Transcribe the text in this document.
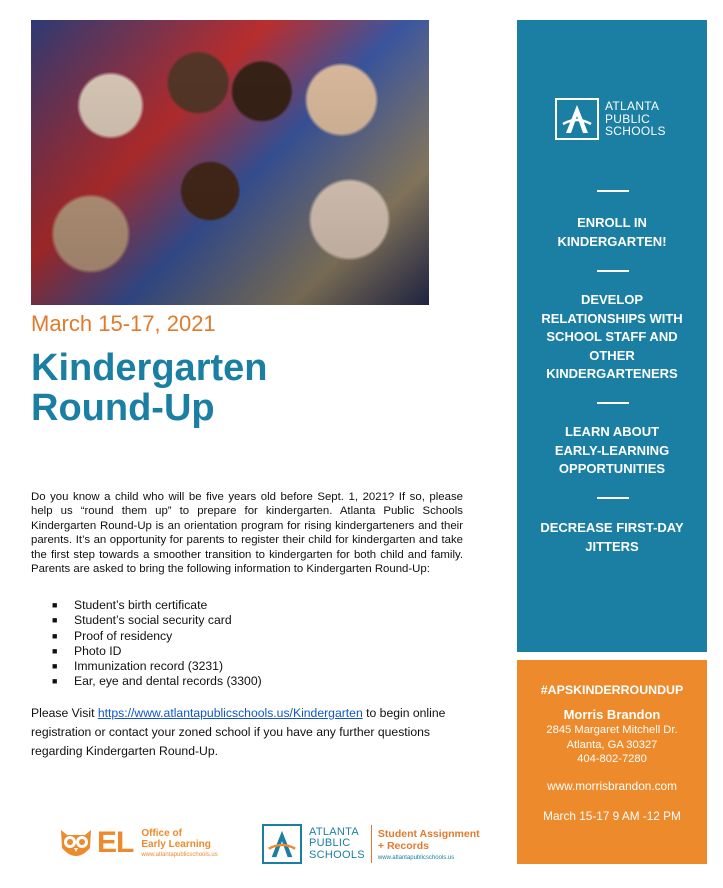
March 15-17, 2021
Kindergarten
Round-Up

Do you know a child who will be five years old before Sept. 1, 2021? If so, please help us “round them up” to prepare for kindergarten. Atlanta Public Schools Kindergarten Round-Up is an orientation program for rising kindergarteners and their parents. It’s an opportunity for parents to register their child for kindergarten and take the first step towards a smoother transition to kindergarten for both child and family. Parents are asked to bring the following information to Kindergarten Round-Up:

■ Student’s birth certificate
■ Student’s social security card
■ Proof of residency
■ Photo ID
■ Immunization record (3231)
■ Ear, eye and dental records (3300)

Please Visit https://www.atlantapublicschools.us/Kindergarten to begin online registration or contact your zoned school if you have any further questions regarding Kindergarten Round-Up.

ATLANTA
PUBLIC
SCHOOLS
ENROLL IN KINDERGARTEN!
DEVELOP RELATIONSHIPS WITH SCHOOL STAFF AND OTHER KINDERGARTENERS
LEARN ABOUT EARLY-LEARNING OPPORTUNITIES
DECREASE FIRST-DAY JITTERS
#APSKINDERROUNDUP
Morris Brandon
2845 Margaret Mitchell Dr.
Atlanta, GA 30327
404-802-7280
www.morrisbrandon.com
March 15-17 9 AM -12 PM
EL Office of
Early Learning
www.atlantapublicschools.us
ATLANTA
PUBLIC
SCHOOLS
Student Assignment
+ Records
www.atlantapublicschools.us
